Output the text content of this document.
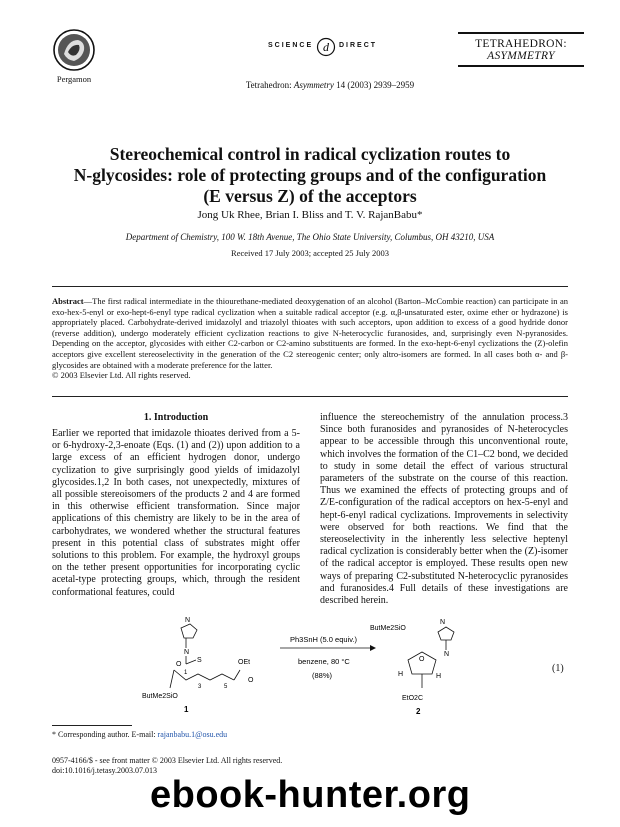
Pergamon
SCIENCE d DIRECT
Tetrahedron: Asymmetry 14 (2003) 2939–2959
TETRAHEDRON:
ASYMMETRY
Stereochemical control in radical cyclization routes to
N-glycosides: role of protecting groups and of the configuration
(E versus Z) of the acceptors
Jong Uk Rhee, Brian I. Bliss and T. V. RajanBabu*
Department of Chemistry, 100 W. 18th Avenue, The Ohio State University, Columbus, OH 43210, USA
Received 17 July 2003; accepted 25 July 2003
Abstract—The first radical intermediate in the thiourethane-mediated deoxygenation of an alcohol (Barton–McCombie reaction) can participate in an exo-hex-5-enyl or exo-hept-6-enyl type radical cyclization when a suitable radical acceptor (e.g. α,β-unsaturated ester, oxime ether or hydrazone) is appropriately placed. Carbohydrate-derived imidazolyl and triazolyl thioates with such acceptors, upon addition to excess of a good hydride donor (reverse addition), undergo moderately efficient cyclization reactions to give N-heterocyclic furanosides, and, surprisingly even N-pyranosides. Depending on the acceptor, glycosides with either C2-carbon or C2-amino substituents are formed. In the exo-hept-6-enyl cyclizations the (Z)-olefin acceptors give excellent stereoselectivity in the generation of the C2 stereogenic center; only altro-isomers are formed. In all cases both α- and β-glycosides are obtained with a moderate preference for the latter.
© 2003 Elsevier Ltd. All rights reserved.
1. Introduction
Earlier we reported that imidazole thioates derived from a 5- or 6-hydroxy-2,3-enoate (Eqs. (1) and (2)) upon addition to a large excess of an efficient hydrogen donor, undergo cyclization to give surprisingly good yields of imidazolyl glycosides.1,2 In both cases, not unexpectedly, mixtures of all possible stereoisomers of the products 2 and 4 are formed in this otherwise efficient transformation. Since major applications of this chemistry are likely to be in the area of carbohydrates, we wondered whether the structural features present in this potential class of substrates might offer solutions to this problem. For example, the hydroxyl groups on the tether present opportunities for incorporating cyclic acetal-type protecting groups, which, through the resident conformational features, could
influence the stereochemistry of the annulation process.3 Since both furanosides and pyranosides of N-heterocycles appear to be accessible through this unconventional route, which involves the formation of the C1–C2 bond, we decided to study in some detail the effect of various structural parameters of the substrate on the course of this reaction. Thus we examined the effects of protecting groups and of Z/E-configuration of the radical acceptors on hex-5-enyl and hept-6-enyl radical cyclizations. Improvements in selectivity were observed for both reactions. We find that the stereoselectivity in the inherently less selective heptenyl radical cyclization is considerably better when the (Z)-isomer of the radical acceptor is employed. These results open new ways of preparing C2-substituted N-heterocyclic pyranosides and furanosides.4 Full details of these investigations are described herein.
N
N
S
O
1
3	5
OEt
O
ButMe2SiO
1
Ph3SnH (5.0 equiv.)
benzene, 80 °C
(88%)
ButMe2SiO
N
N
O
H	H
EtO2C
2
(1)
* Corresponding author. E-mail: rajanbabu.1@osu.edu
0957-4166/$ - see front matter © 2003 Elsevier Ltd. All rights reserved.
doi:10.1016/j.tetasy.2003.07.013
ebook-hunter.org
